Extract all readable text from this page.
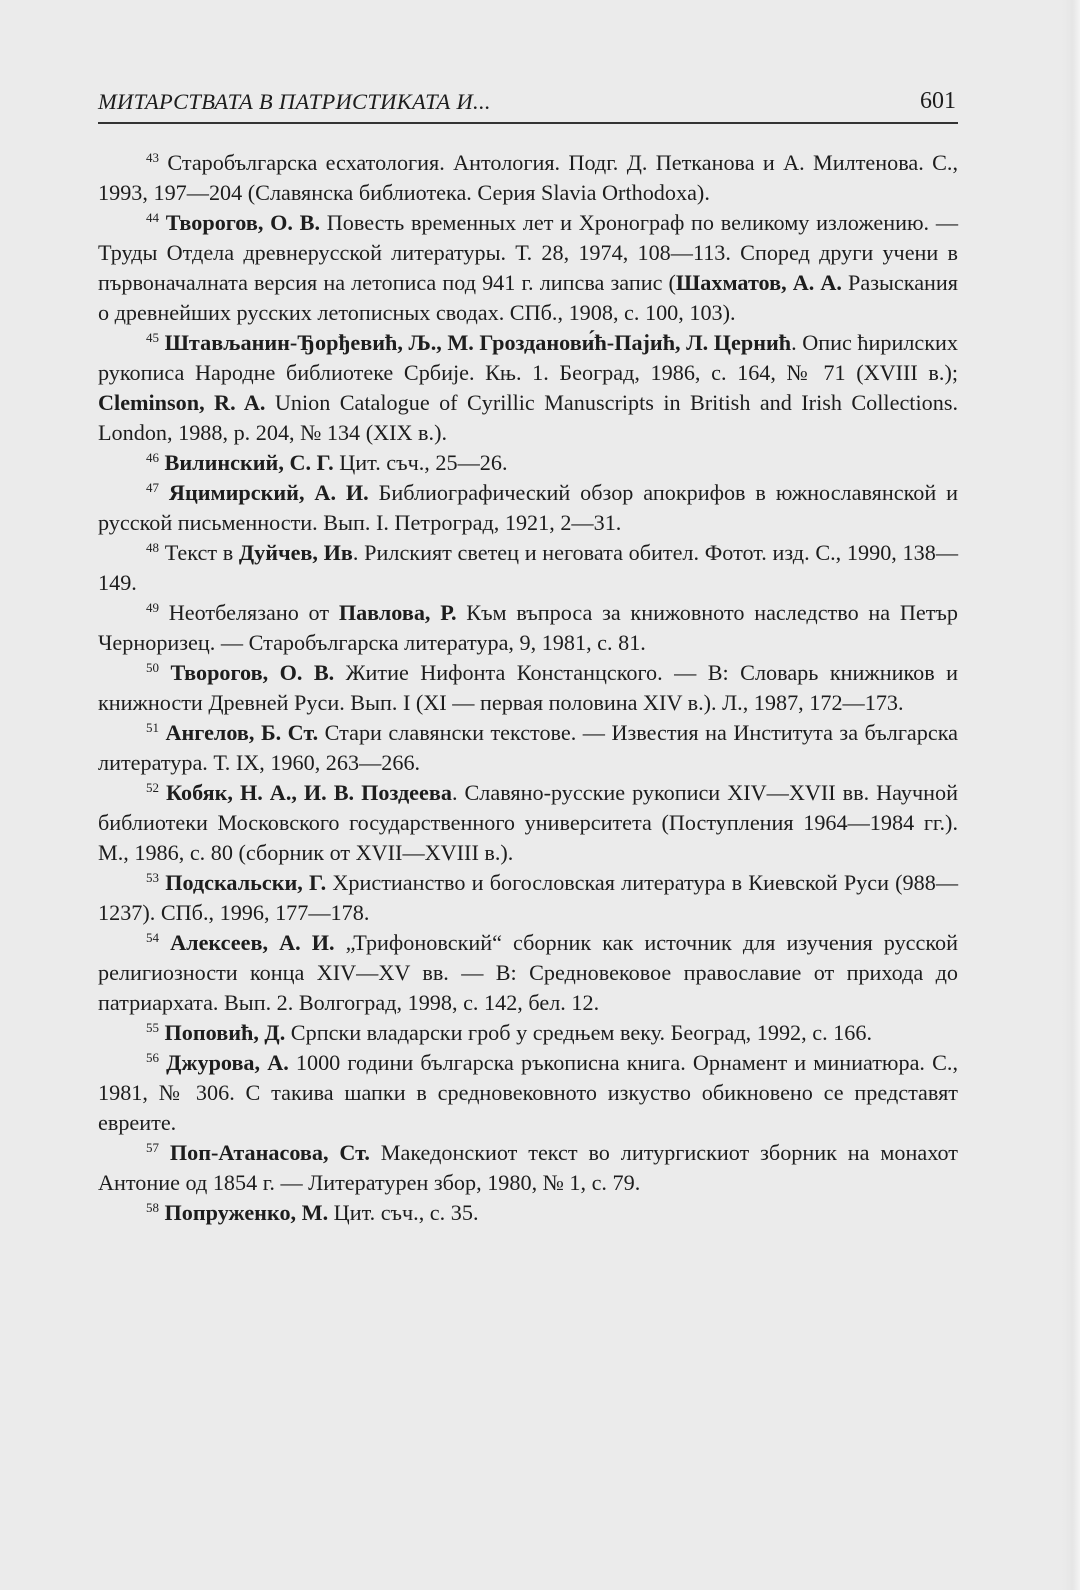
МИТАРСТВАТА В ПАТРИСТИКАТА И...	601

$^{43}$ Старобългарска есхатология. Антология. Подг. Д. Петканова и А. Милтенова. С., 1993, 197—204 (Славянска библиотека. Серия Slavia Orthodoxa).

$^{44}$ Творогов, О. В. Повесть временных лет и Хронограф по великому изложению. — Труды Отдела древнерусской литературы. Т. 28, 1974, 108—113. Според други учени в първоначалната версия на летописа под 941 г. липсва запис (Шахматов, А. А. Разыскания о древнейших русских летописных сводах. СПб., 1908, с. 100, 103).

$^{45}$ Штављанин-Ђорђевић, Љ., М. Грозданови́ћ-Пајић, Л. Цернић. Опис ћирилских рукописа Народне библиотеке Србије. Књ. 1. Београд, 1986, с. 164, № 71 (XVIII в.); Cleminson, R. A. Union Catalogue of Cyrillic Manuscripts in British and Irish Collections. London, 1988, p. 204, № 134 (XIX в.).

$^{46}$ Вилинский, С. Г. Цит. съч., 25—26.

$^{47}$ Яцимирский, А. И. Библиографический обзор апокрифов в южнославянской и русской письменности. Вып. I. Петроград, 1921, 2—31.

$^{48}$ Текст в Дуйчев, Ив. Рилският светец и неговата обител. Фотот. изд. С., 1990, 138—149.

$^{49}$ Неотбелязано от Павлова, Р. Към въпроса за книжовното наследство на Петър Черноризец. — Старобългарска литература, 9, 1981, с. 81.

$^{50}$ Творогов, О. В. Житие Нифонта Констанцского. — В: Словарь книжников и книжности Древней Руси. Вып. I (XI — первая половина XIV в.). Л., 1987, 172—173.

$^{51}$ Ангелов, Б. Ст. Стари славянски текстове. — Известия на Института за българска литература. Т. IX, 1960, 263—266.

$^{52}$ Кобяк, Н. А., И. В. Поздеева. Славяно-русские рукописи XIV—XVII вв. Научной библиотеки Московского государственного университета (Поступления 1964—1984 гг.). М., 1986, с. 80 (сборник от XVII—XVIII в.).

$^{53}$ Подскальски, Г. Христианство и богословская литература в Киевской Руси (988—1237). СПб., 1996, 177—178.

$^{54}$ Алексеев, А. И. „Трифоновский“ сборник как источник для изучения русской религиозности конца XIV—XV вв. — В: Средновековое православие от прихода до патриархата. Вып. 2. Волгоград, 1998, с. 142, бел. 12.

$^{55}$ Поповић, Д. Српски владарски гроб у средњем веку. Београд, 1992, с. 166.

$^{56}$ Джурова, А. 1000 години българска ръкописна книга. Орнамент и миниатюра. С., 1981, № 306. С такива шапки в средновековното изкуство обикновено се представят евреите.

$^{57}$ Поп-Атанасова, Ст. Македонскиот текст во литургискиот зборник на монахот Антоние од 1854 г. — Литературен збор, 1980, № 1, с. 79.

$^{58}$ Попруженко, М. Цит. съч., с. 35.
